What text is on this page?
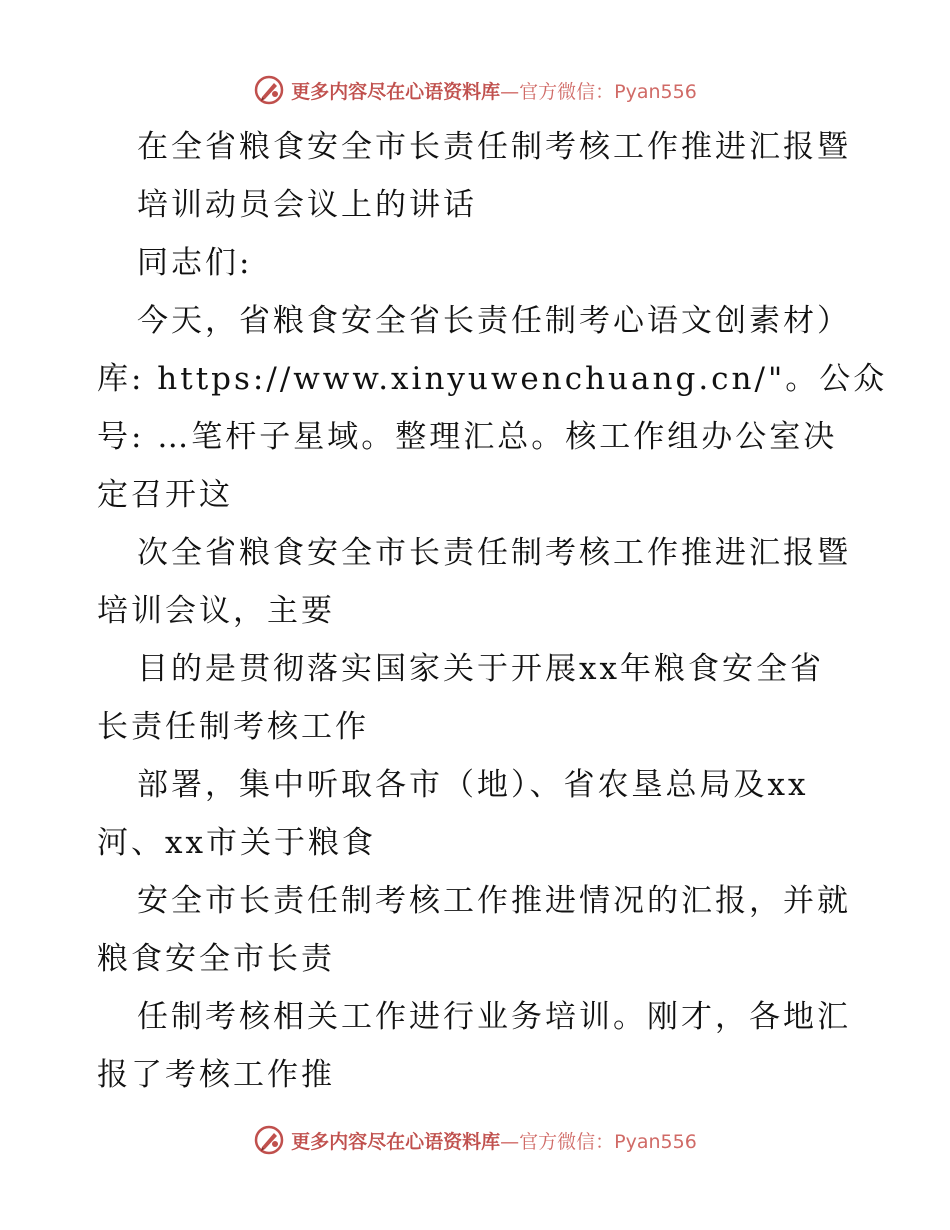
更多内容尽在心语资料库 —官方微信：Pyan556
在全省粮食安全市长责任制考核工作推进汇报暨
培训动员会议上的讲话
同志们:
今天，省粮食安全省长责任制考心语文创素材）
库: https://www.xinyuwenchuang.cn/"。公众
号: …笔杆子星域。整理汇总。核工作组办公室决
定召开这
次全省粮食安全市长责任制考核工作推进汇报暨
培训会议，主要
目的是贯彻落实国家关于开展xx年粮食安全省
长责任制考核工作
部署，集中听取各市（地）、省农垦总局及xx
河、xx市关于粮食
安全市长责任制考核工作推进情况的汇报，并就
粮食安全市长责
任制考核相关工作进行业务培训。刚才，各地汇
报了考核工作推
更多内容尽在心语资料库 —官方微信：Pyan556
